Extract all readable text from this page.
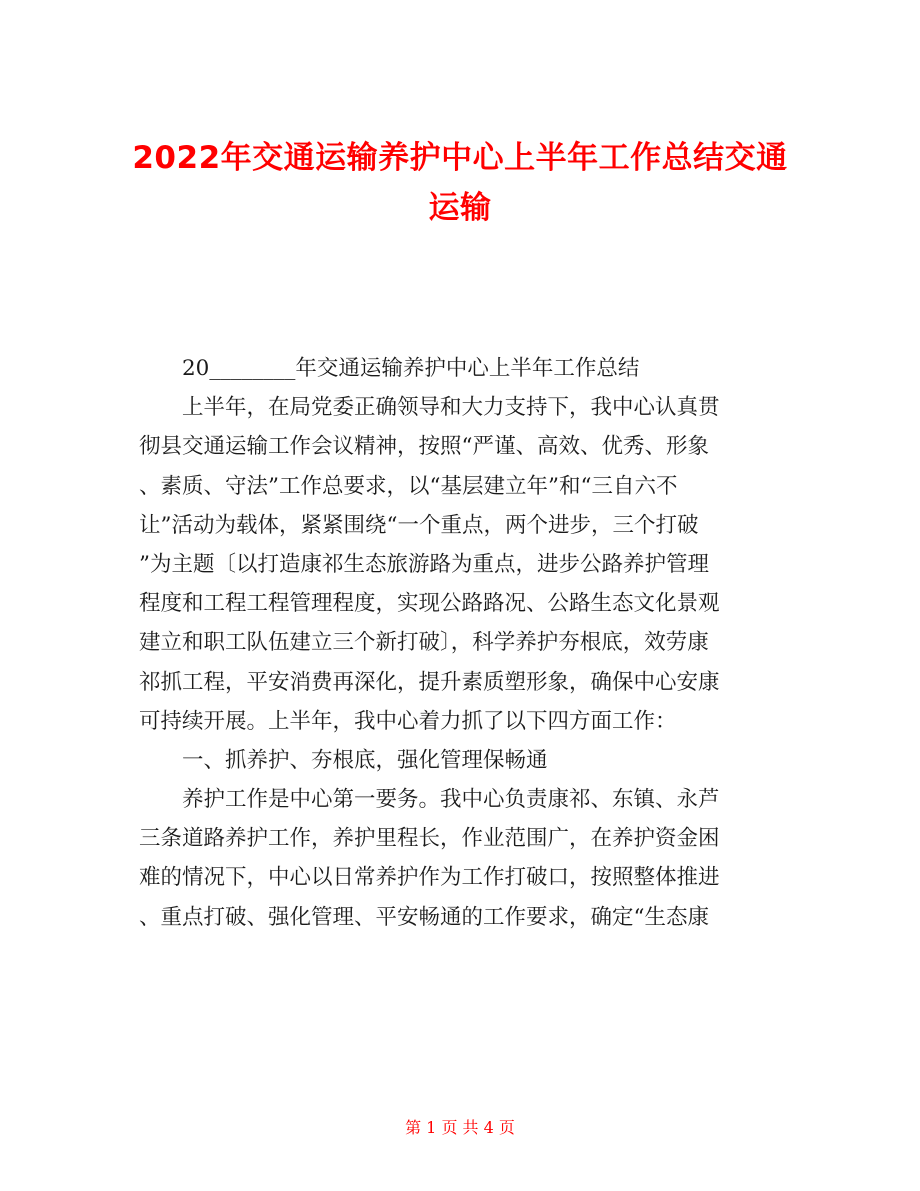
2022年交通运输养护中心上半年工作总结交通
运输
20________年交通运输养护中心上半年工作总结
上半年，在局党委正确领导和大力支持下，我中心认真贯
彻县交通运输工作会议精神，按照“严谨、高效、优秀、形象
、素质、守法”工作总要求，以“基层建立年”和“三自六不
让”活动为载体，紧紧围绕“一个重点，两个进步，三个打破
”为主题〔以打造康祁生态旅游路为重点，进步公路养护管理
程度和工程工程管理程度，实现公路路况、公路生态文化景观
建立和职工队伍建立三个新打破〕，科学养护夯根底，效劳康
祁抓工程，平安消费再深化，提升素质塑形象，确保中心安康
可持续开展。上半年，我中心着力抓了以下四方面工作：
一、抓养护、夯根底，强化管理保畅通
养护工作是中心第一要务。我中心负责康祁、东镇、永芦
三条道路养护工作，养护里程长，作业范围广，在养护资金困
难的情况下，中心以日常养护作为工作打破口，按照整体推进
、重点打破、强化管理、平安畅通的工作要求，确定“生态康
第 1 页 共 4 页
